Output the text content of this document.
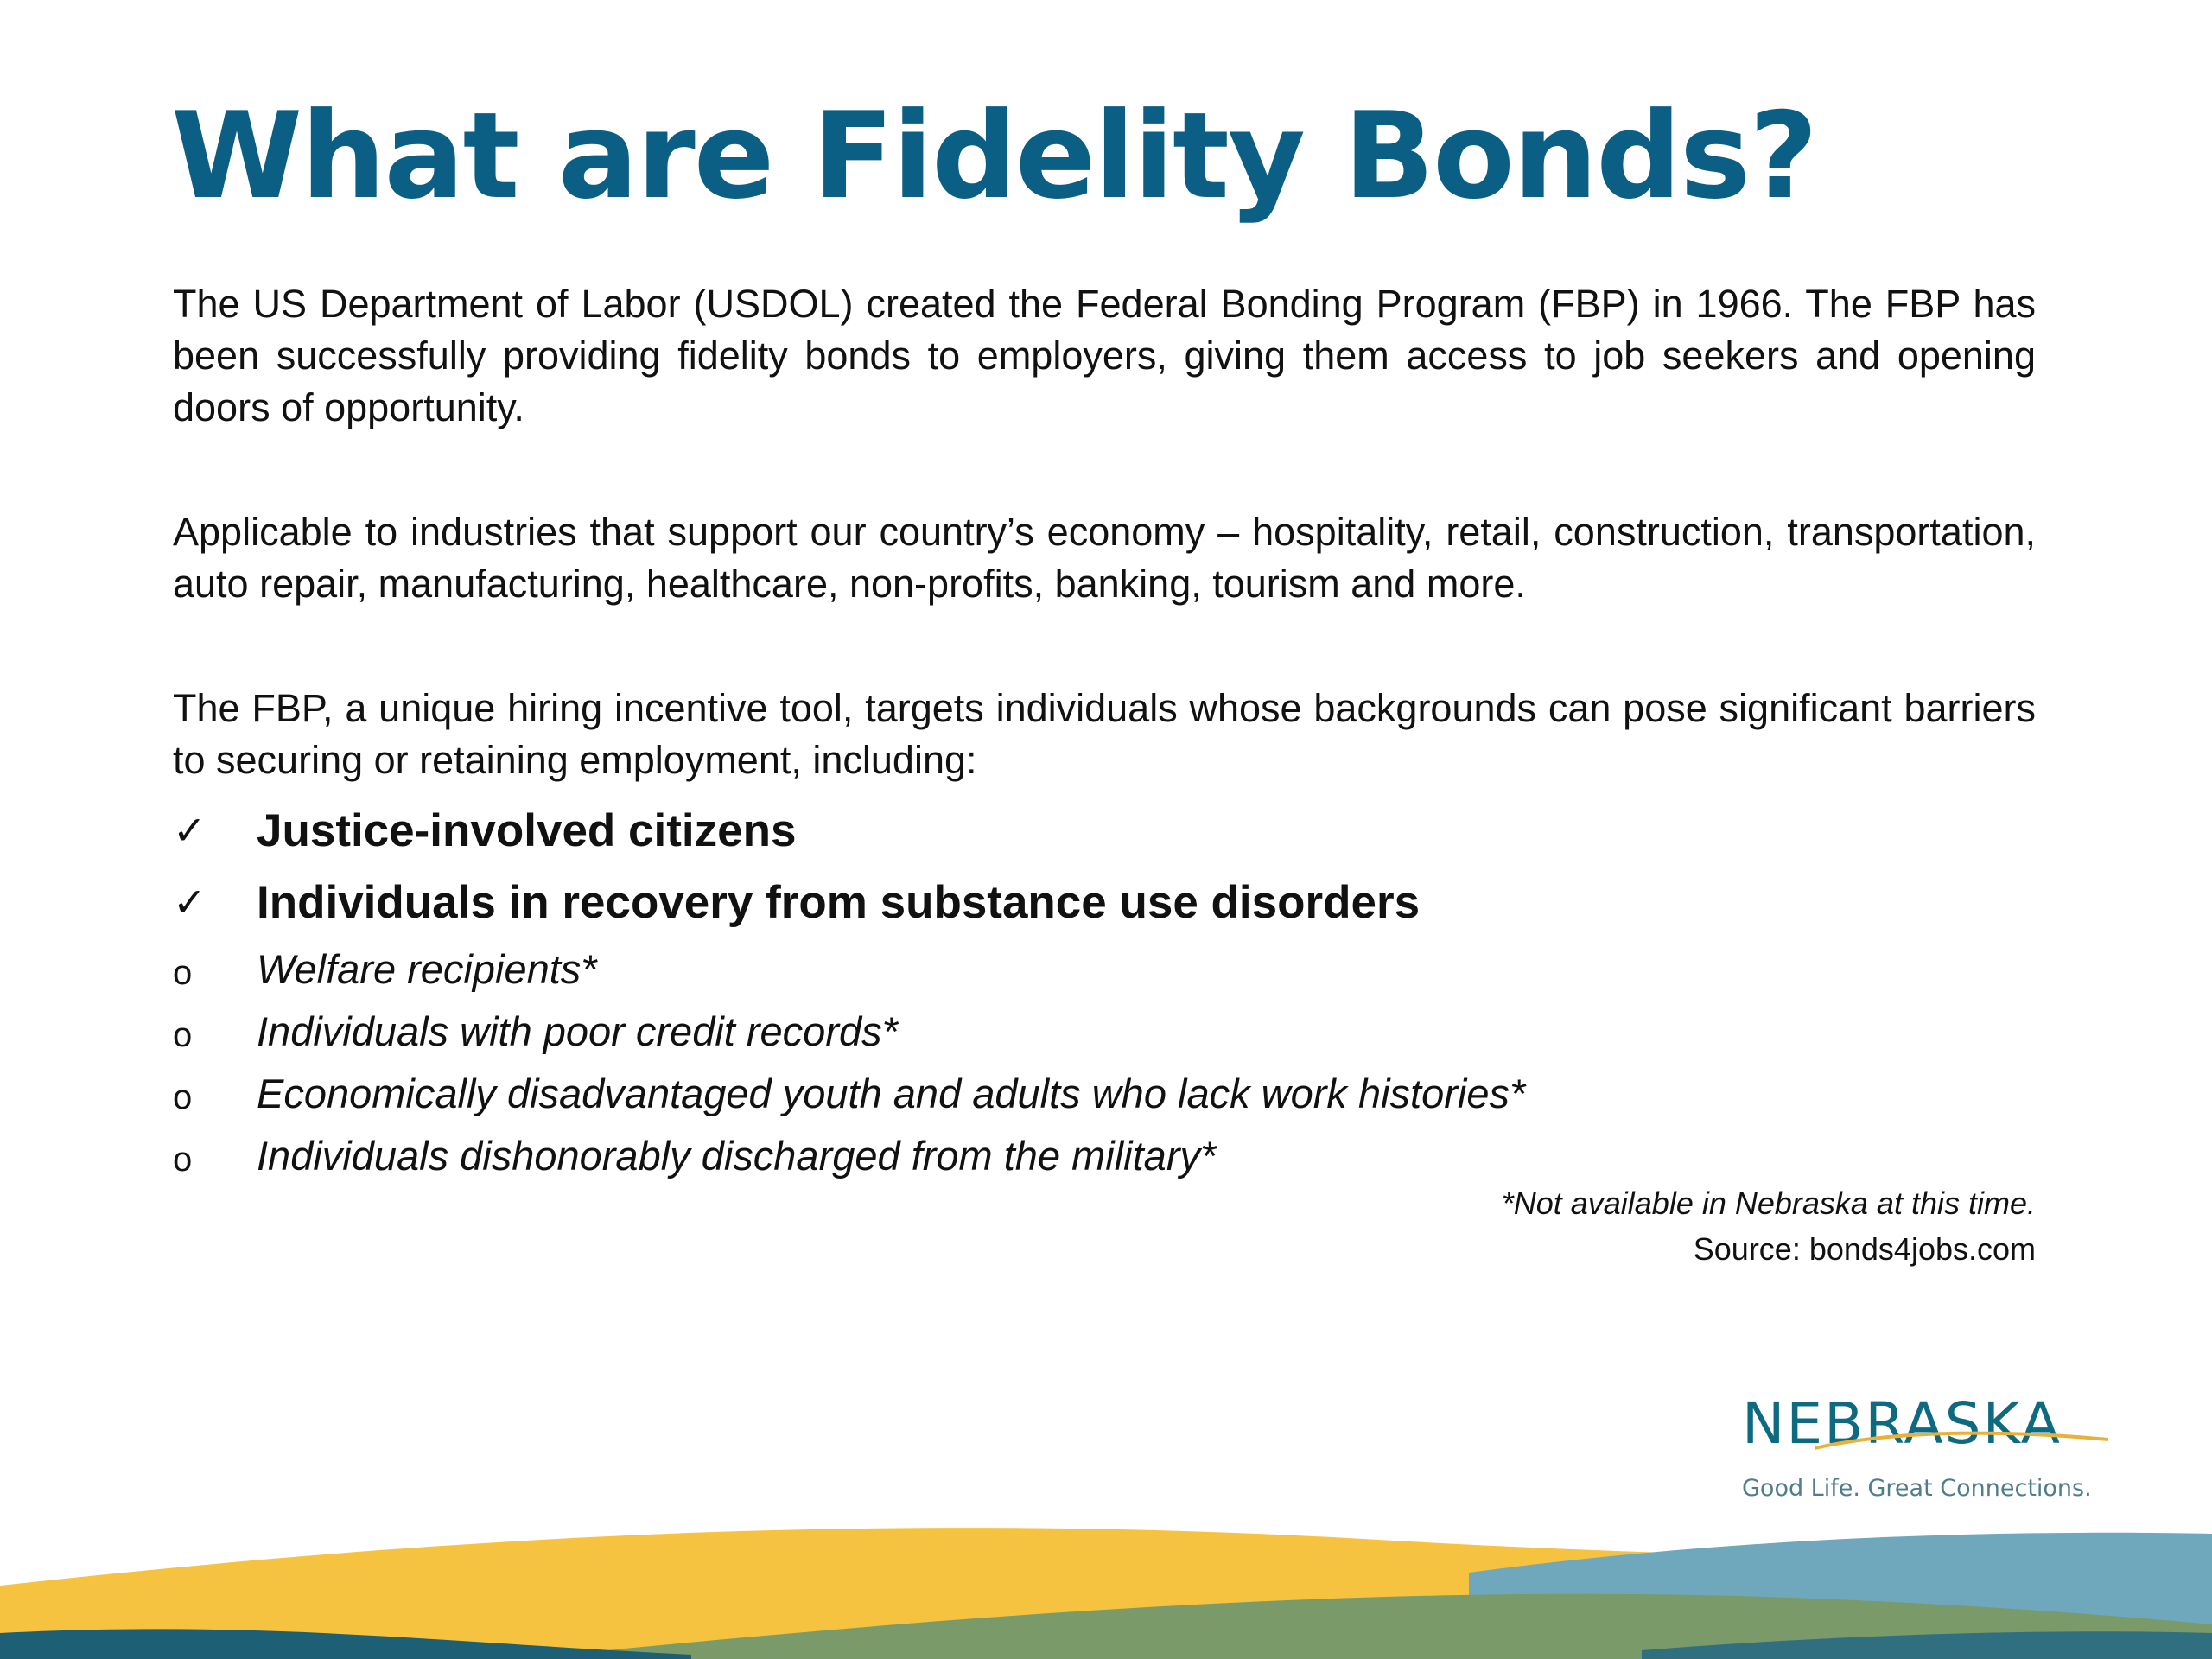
What are Fidelity Bonds?

The US Department of Labor (USDOL) created the Federal Bonding Program (FBP) in 1966. The FBP has been successfully providing fidelity bonds to employers, giving them access to job seekers and opening doors of opportunity.

Applicable to industries that support our country’s economy – hospitality, retail, construction, transportation, auto repair, manufacturing, healthcare, non-profits, banking, tourism and more.

The FBP, a unique hiring incentive tool, targets individuals whose backgrounds can pose significant barriers to securing or retaining employment, including:

✓ Justice-involved citizens
✓ Individuals in recovery from substance use disorders
o Welfare recipients*
o Individuals with poor credit records*
o Economically disadvantaged youth and adults who lack work histories*
o Individuals dishonorably discharged from the military*
*Not available in Nebraska at this time.
Source: bonds4jobs.com
NEBRASKA
Good Life. Great Connections.
